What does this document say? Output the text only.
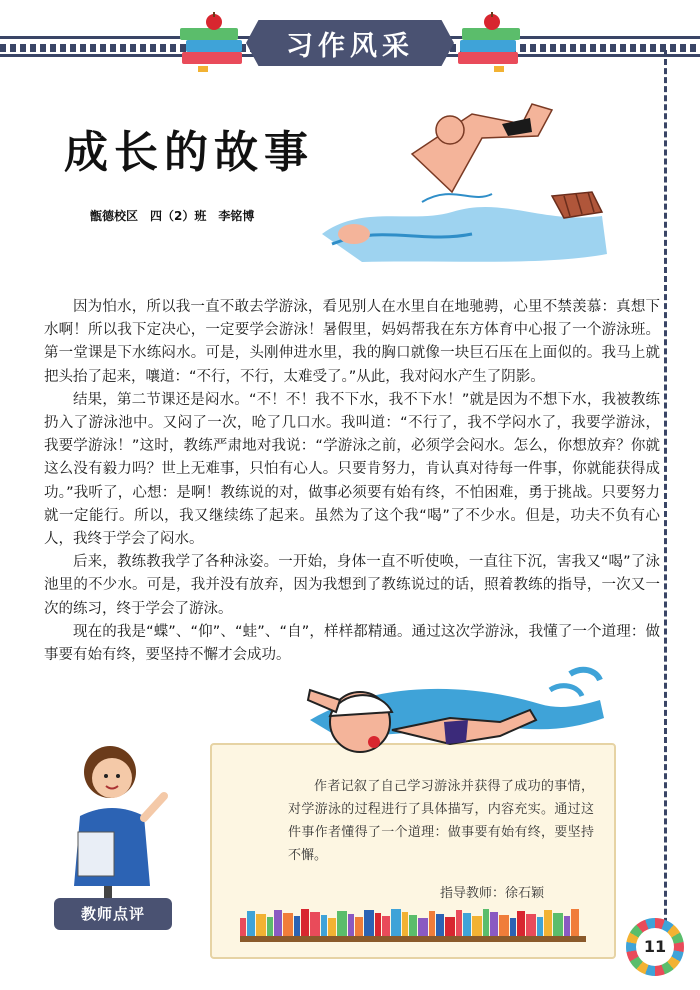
习作风采
成长的故事
甑德校区　四（2）班　李铭博

因为怕水，所以我一直不敢去学游泳，看见别人在水里自在地驰骋，心里不禁羡慕：真想下水啊！所以我下定决心，一定要学会游泳！暑假里，妈妈帮我在东方体育中心报了一个游泳班。第一堂课是下水练闷水。可是，头刚伸进水里，我的胸口就像一块巨石压在上面似的。我马上就把头抬了起来，嚷道：“不行，不行，太难受了。”从此，我对闷水产生了阴影。

结果，第二节课还是闷水。“不！不！我不下水，我不下水！”就是因为不想下水，我被教练扔入了游泳池中。又闷了一次，呛了几口水。我叫道：“不行了，我不学闷水了，我要学游泳，我要学游泳！”这时，教练严肃地对我说：“学游泳之前，必须学会闷水。怎么，你想放弃？你就这么没有毅力吗？世上无难事，只怕有心人。只要肯努力，肯认真对待每一件事，你就能获得成功。”我听了，心想：是啊！教练说的对，做事必须要有始有终，不怕困难，勇于挑战。只要努力就一定能行。所以，我又继续练了起来。虽然为了这个我“喝”了不少水。但是，功夫不负有心人，我终于学会了闷水。

后来，教练教我学了各种泳姿。一开始，身体一直不听使唤，一直往下沉，害我又“喝”了泳池里的不少水。可是，我并没有放弃，因为我想到了教练说过的话，照着教练的指导，一次又一次的练习，终于学会了游泳。

现在的我是“蝶”、“仰”、“蛙”、“自”，样样都精通。通过这次学游泳，我懂了一个道理：做事要有始有终，要坚持不懈才会成功。

作者记叙了自己学习游泳并获得了成功的事情，对学游泳的过程进行了具体描写，内容充实。通过这件事作者懂得了一个道理：做事要有始有终，要坚持不懈。

指导教师：徐石颖
教师点评
11
